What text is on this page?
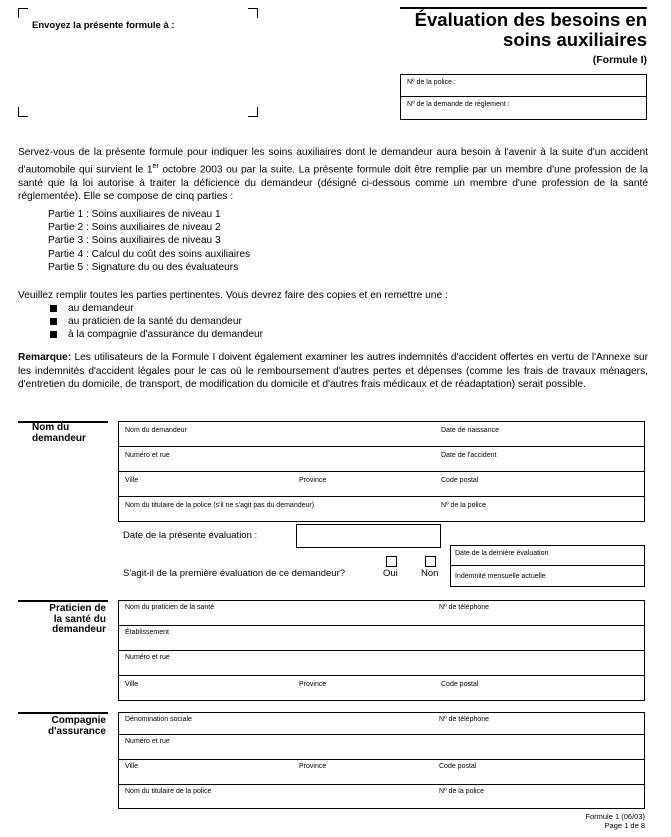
Envoyez la présente formule à :	Évaluation des besoins en
soins auxiliaires
(Formule I)
Nº de la police :
Nº de la demande de règlement :
Servez-vous de la présente formule pour indiquer les soins auxiliaires dont le demandeur aura besoin à l'avenir à la suite d'un accident d'automobile qui survient le 1er octobre 2003 ou par la suite. La présente formule doit être remplie par un membre d'une profession de la santé que la loi autorise à traiter la déficience du demandeur (désigné ci-dessous comme un membre d'une profession de la santé réglementée). Elle se compose de cinq parties :
Partie 1 : Soins auxiliaires de niveau 1
Partie 2 : Soins auxiliaires de niveau 2
Partie 3 : Soins auxiliaires de niveau 3
Partie 4 : Calcul du coût des soins auxiliaires
Partie 5 : Signature du ou des évaluateurs
Veuillez remplir toutes les parties pertinentes. Vous devrez faire des copies et en remettre une :
au demandeur
au praticien de la santé du demandeur
à la compagnie d'assurance du demandeur
Remarque: Les utilisateurs de la Formule I doivent également examiner les autres indemnités d'accident offertes en vertu de l'Annexe sur les indemnités d'accident légales pour le cas où le remboursement d'autres pertes et dépenses (comme les frais de travaux ménagers, d'entretien du domicile, de transport, de modification du domicile et d'autres frais médicaux et de réadaptation) serait possible.
Nom du
demandeur
Nom du demandeur	Date de naissance
Numéro et rue	Date de l'accident
Ville	Province	Code postal
Nom du titulaire de la police (s'il ne s'agit pas du demandeur)	Nº de la police
Date de la présente évaluation :
S'agit-il de la première évaluation de ce demandeur?	Oui Non
Date de la dernière évaluation
Indemnité mensuelle actuelle
Praticien de
la santé du
demandeur
Nom du praticien de la santé	Nº de téléphone
Établissement
Numéro et rue
Ville	Province	Code postal
Compagnie
d'assurance
Dénomination sociale	Nº de téléphone
Numéro et rue
Ville	Province	Code postal
Nom du titulaire de la police	Nº de la police
Formule 1 (06/03)
Page 1 de 8
